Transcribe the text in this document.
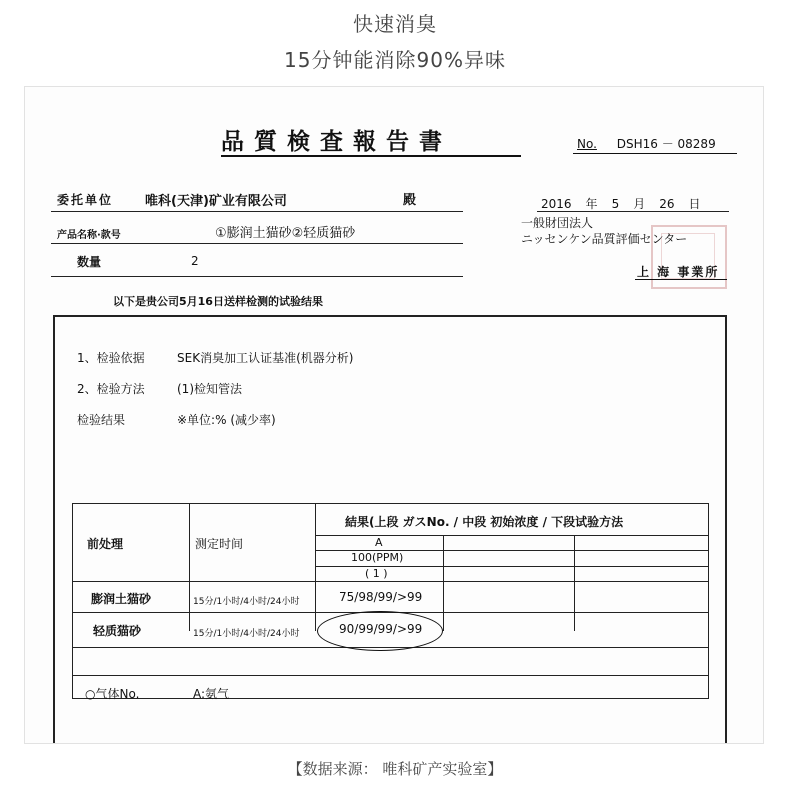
快速消臭
15分钟能消除90%异味
品質検査報告書	No. DSH16 － 08289
委托单位 唯科(天津)矿业有限公司	殿
产品名称·款号	①膨润土猫砂②轻质猫砂
数量	2
2016 年 5 月 26 日
一般財団法人
ニッセンケン品質評価センター
上 海 事業所
以下是贵公司5月16日送样检测的试验结果
1、检验依据	SEK消臭加工认证基准(机器分析)
2、检验方法	(1)检知管法
检验结果	※单位:% (减少率)
前处理	测定时间
結果(上段 ガスNo. / 中段 初始浓度 / 下段试验方法
A
100(PPM)
( 1 )
膨润土猫砂	15分/1小时/4小时/24小时	75/98/99/>99
轻质猫砂	15分/1小时/4小时/24小时	90/99/99/>99
○气体No.	A:氨气
【数据来源： 唯科矿产实验室】
